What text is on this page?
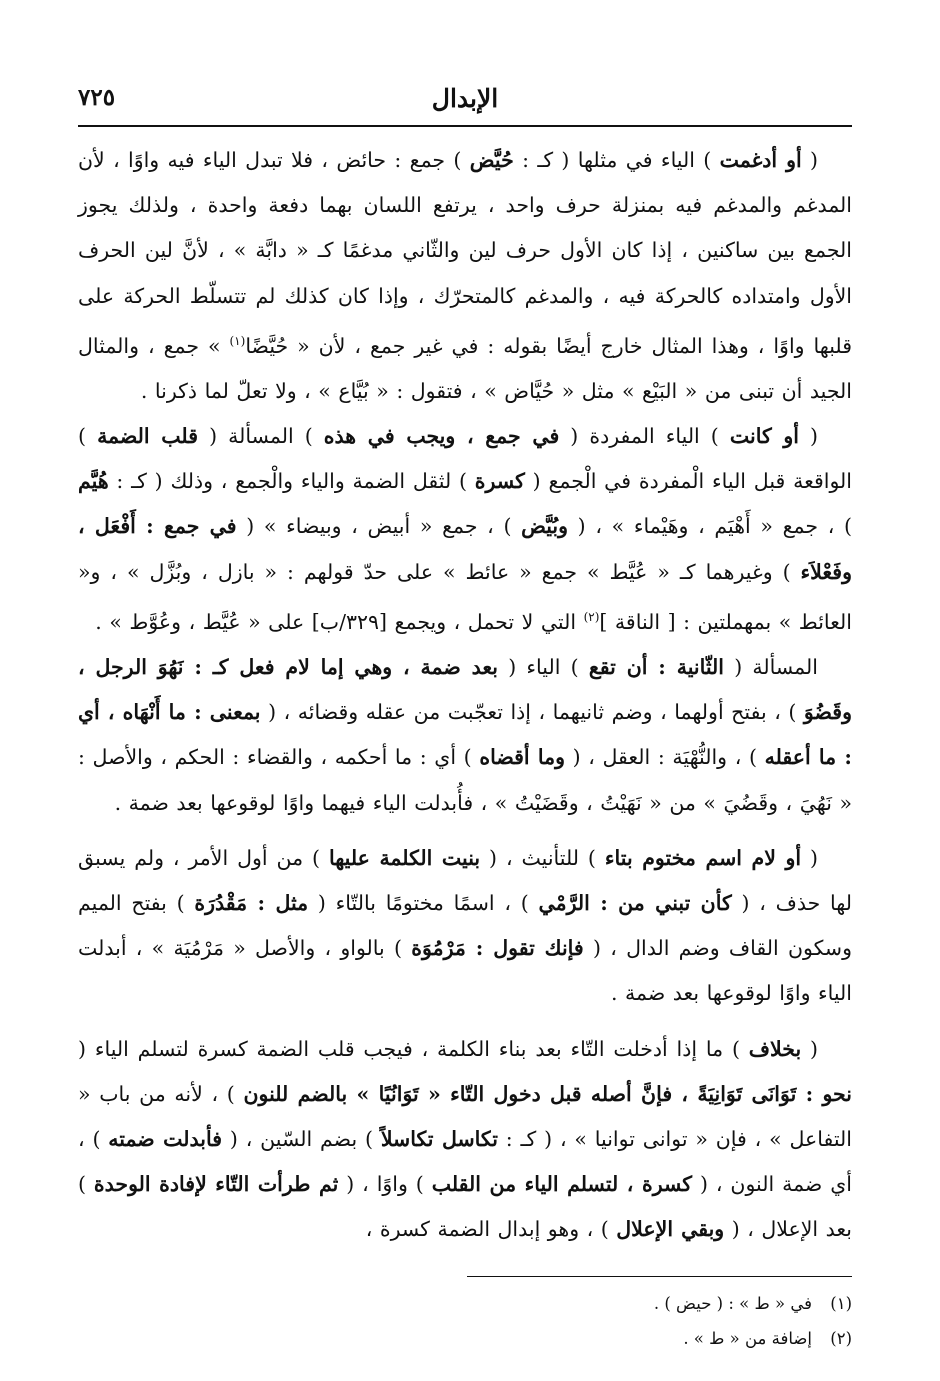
٧٢٥	الإبدال

( أو أدغمت ) الياء في مثلها ( كـ : حُيَّض ) جمع : حائض ، فلا تبدل الياء فيه واوًا ، لأن المدغم والمدغم فيه بمنزلة حرف واحد ، يرتفع اللسان بهما دفعة واحدة ، ولذلك يجوز الجمع بين ساكنين ، إذا كان الأول حرف لين والثّاني مدغمًا كـ « دابَّة » ، لأنَّ لين الحرف الأول وامتداده كالحركة فيه ، والمدغم كالمتحرّك ، وإذا كان كذلك لم تتسلّط الحركة على قلبها واوًا ، وهذا المثال خارج أيضًا بقوله : في غير جمع ، لأن « حُيَّضًا$^{(١)}$ » جمع ، والمثال الجيد أن تبنى من « البَيْع » مثل « حُيَّاض » ، فتقول : « بُيَّاع » ، ولا تعلّ لما ذكرنا .

( أو كانت ) الياء المفردة ( في جمع ، ويجب في هذه ) المسألة ( قلب الضمة ) الواقعة قبل الياء الْمفردة في الْجمع ( كسرة ) لثقل الضمة والياء والْجمع ، وذلك ( كـ : هُيَّم ) ، جمع « أَهْيَم ، وهَيْماء » ، ( وبُيَّض ) ، جمع « أبيض ، وبيضاء » ( في جمع : أَفْعَل ، وفَعْلاَء ) وغيرهما كـ « عُيَّط » جمع « عائط » على حدّ قولهم : « بازل ، وبُزَّل » ، و« العائط » بمهملتين : [ الناقة ]$^{(٢)}$ التي لا تحمل ، ويجمع [٣٢٩/ب] على « عُيَّط ، وعُوَّط » .

المسألة ( الثّانية : أن تقع ) الياء ( بعد ضمة ، وهي إما لام فعل كـ : نَهُوَ الرجل ، وقَضُوَ ) ، بفتح أولهما ، وضم ثانيهما ، إذا تعجّبت من عقله وقضائه ، ( بمعنى : ما أَنْهَاه ، أي : ما أعقله ) ، والنُّهْيَة : العقل ، ( وما أقضاه ) أي : ما أحكمه ، والقضاء : الحكم ، والأصل : « نَهُيَ ، وقَضُيَ » من « نَهَيْتُ ، وقَضَيْتُ » ، فأُبدلت الياء فيهما واوًا لوقوعها بعد ضمة .

( أو لام اسم مختوم بتاء ) للتأنيث ، ( بنيت الكلمة عليها ) من أول الأمر ، ولم يسبق لها حذف ، ( كأن تبني من : الرَّمْي ) ، اسمًا مختومًا بالتّاء ( مثل : مَقْدُرَة ) بفتح الميم وسكون القاف وضم الدال ، ( فإنك تقول : مَرْمُوَة ) بالواو ، والأصل « مَرْمُيَة » ، أبدلت الياء واوًا لوقوعها بعد ضمة .

( بخلاف ) ما إذا أدخلت التّاء بعد بناء الكلمة ، فيجب قلب الضمة كسرة لتسلم الياء ( نحو : تَوَانَى تَوَانِيَةً ، فإنَّ أصله قبل دخول التّاء « تَوَانُيًا » بالضم للنون ) ، لأنه من باب « التفاعل » ، فإن « توانى توانيا » ، ( كـ : تكاسل تكاسلاً ) بضم السّين ، ( فأبدلت ضمته ) ، أي ضمة النون ، ( كسرة ، لتسلم الياء من القلب ) واوًا ، ( ثم طرأت التّاء لإفادة الوحدة ) بعد الإعلال ، ( وبقي الإعلال ) ، وهو إبدال الضمة كسرة ،

(١)
في « ط » : ( حيض ) .
(٢)
إضافة من « ط » .
